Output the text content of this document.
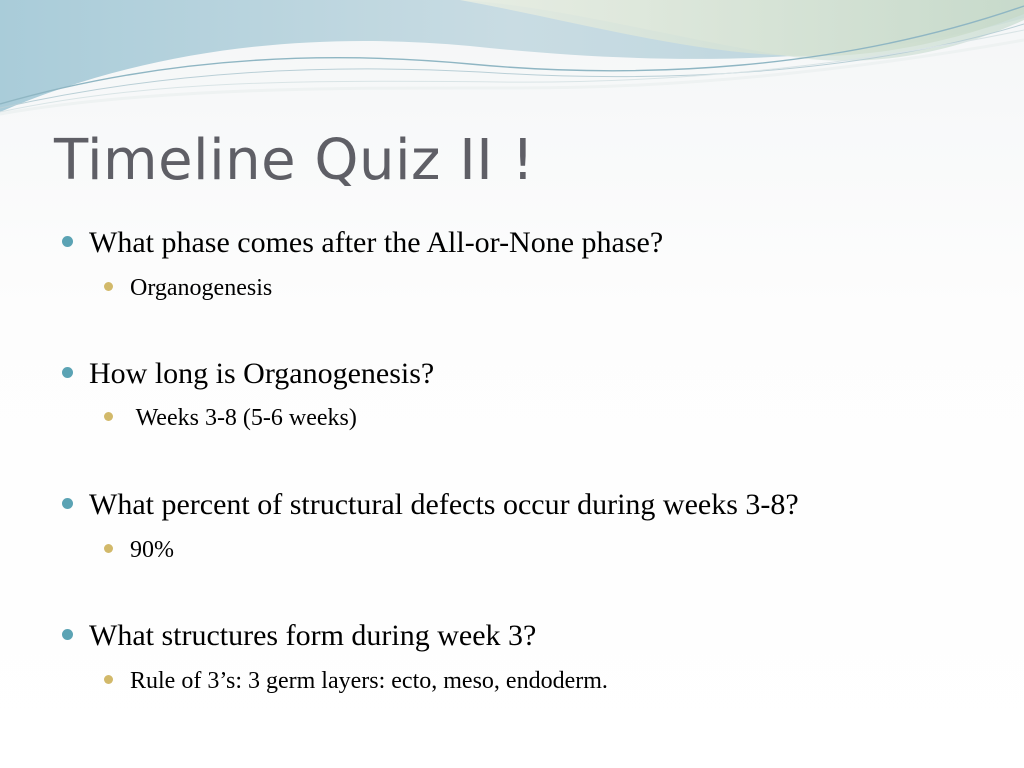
Timeline Quiz II !
What phase comes after the All-or-None phase?
Organogenesis
How long is Organogenesis?
Weeks 3-8 (5-6 weeks)
What percent of structural defects occur during weeks 3-8?
90%
What structures form during week 3?
Rule of 3’s: 3 germ layers: ecto, meso, endoderm.
